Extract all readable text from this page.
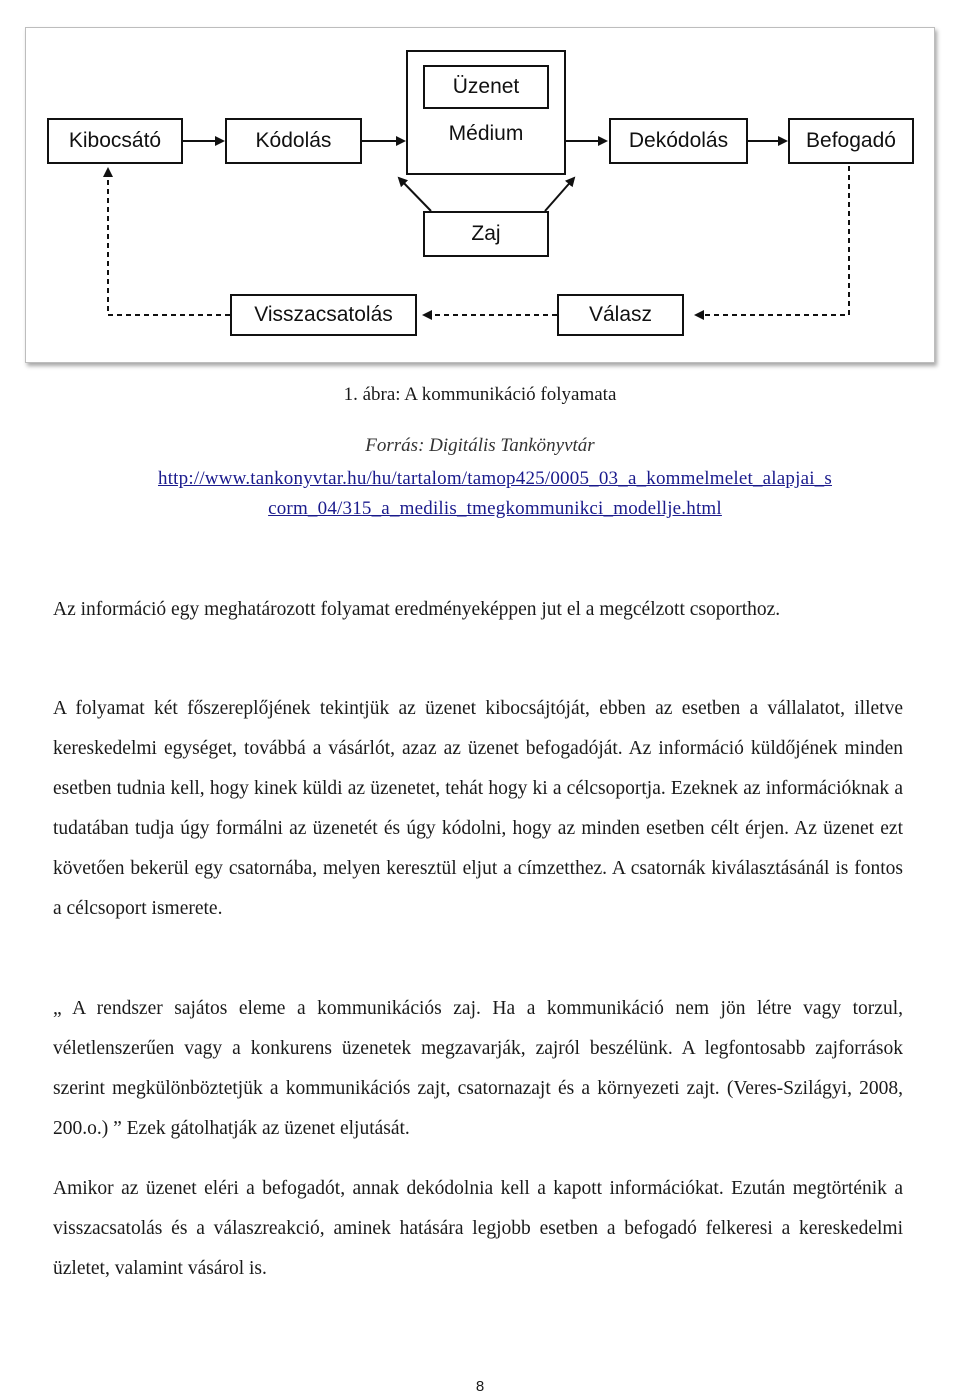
Kibocsátó	Kódolás
Üzenet
Médium	Dekódolás	Befogadó
Zaj
Visszacsatolás	Válasz
1. ábra: A kommunikáció folyamata
Forrás: Digitális Tankönyvtár
http://www.tankonyvtar.hu/hu/tartalom/tamop425/0005_03_a_kommelmelet_alapjai_s
corm_04/315_a_medilis_tmegkommunikci_modellje.html

Az információ egy meghatározott folyamat eredményeképpen jut el a megcélzott csoporthoz.

A folyamat két főszereplőjének tekintjük az üzenet kibocsájtóját, ebben az esetben a vállalatot, illetve kereskedelmi egységet, továbbá a vásárlót, azaz az üzenet befogadóját. Az információ küldőjének minden esetben tudnia kell, hogy kinek küldi az üzenetet, tehát hogy ki a célcsoportja. Ezeknek az információknak a tudatában tudja úgy formálni az üzenetét és úgy kódolni, hogy az minden esetben célt érjen. Az üzenet ezt követően bekerül egy csatornába, melyen keresztül eljut a címzetthez. A csatornák kiválasztásánál is fontos a célcsoport ismerete.

„ A rendszer sajátos eleme a kommunikációs zaj. Ha a kommunikáció nem jön létre vagy torzul, véletlenszerűen vagy a konkurens üzenetek megzavarják, zajról beszélünk. A legfontosabb zajforrások szerint megkülönböztetjük a kommunikációs zajt, csatornazajt és a környezeti zajt. (Veres-Szilágyi, 2008, 200.o.) ” Ezek gátolhatják az üzenet eljutását.

Amikor az üzenet eléri a befogadót, annak dekódolnia kell a kapott információkat. Ezután megtörténik a visszacsatolás és a válaszreakció, aminek hatására legjobb esetben a befogadó felkeresi a kereskedelmi üzletet, valamint vásárol is.

8
